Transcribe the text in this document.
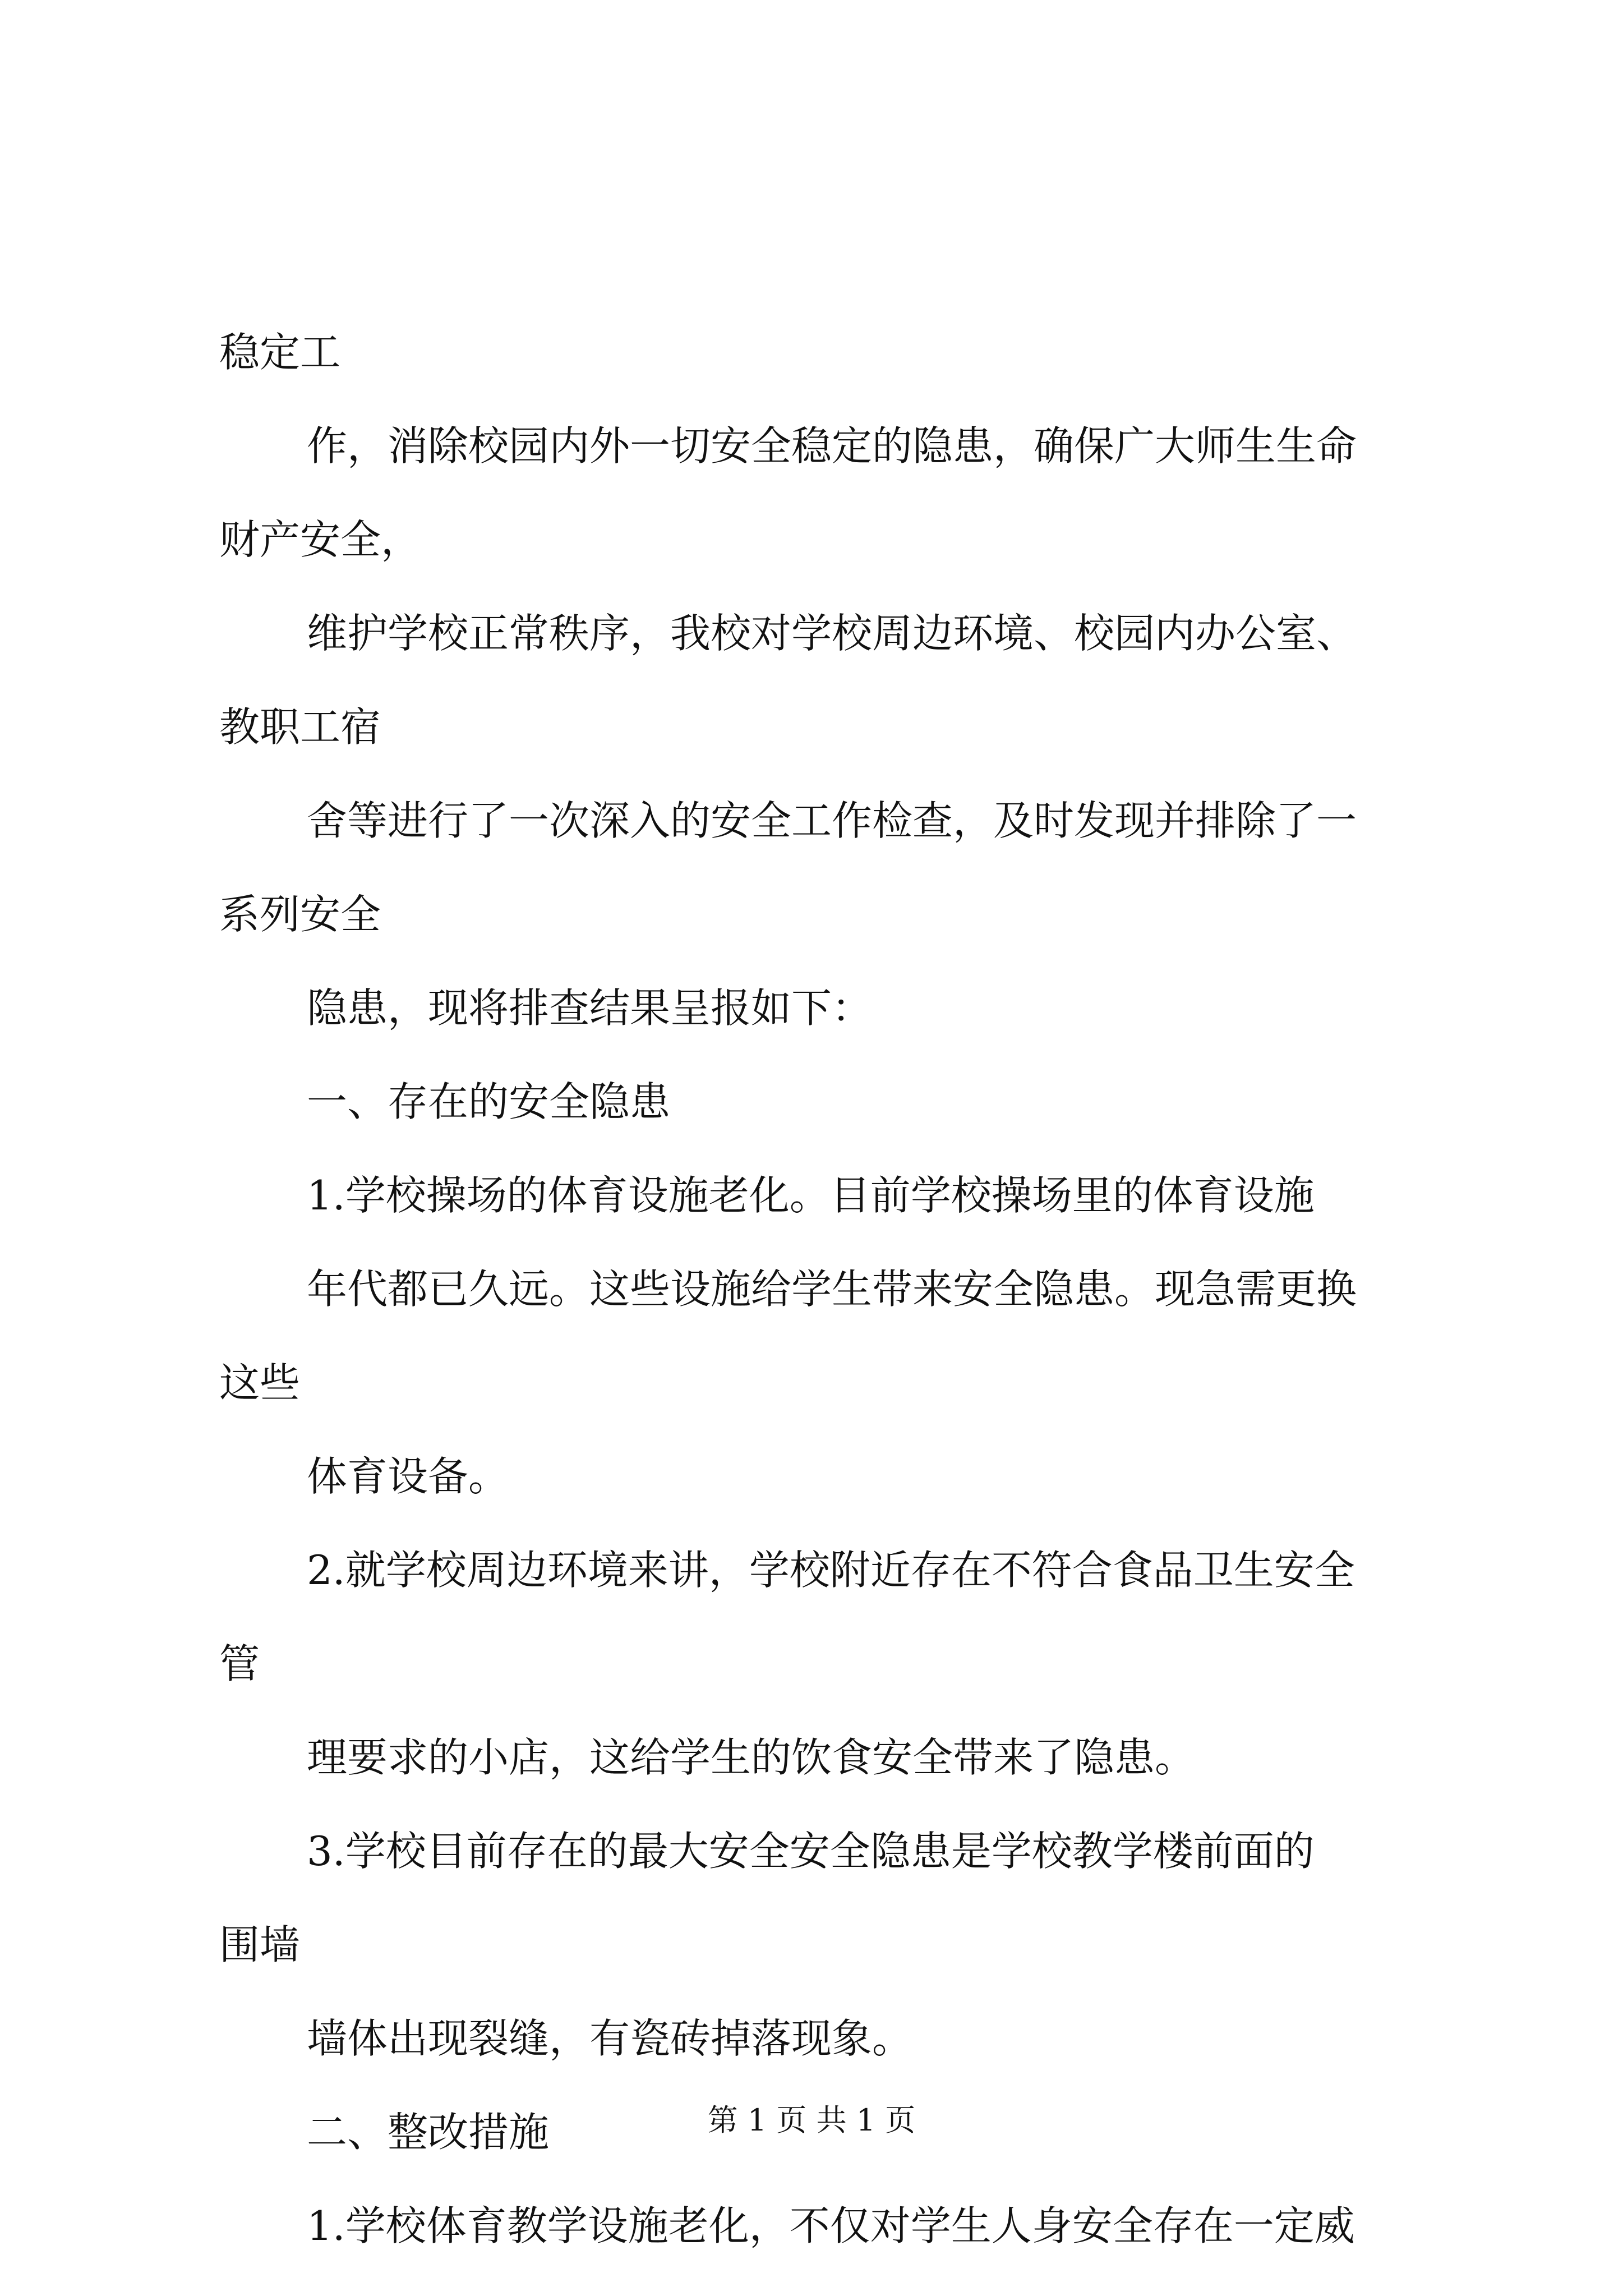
稳定工
作，消除校园内外一切安全稳定的隐患，确保广大师生生命
财产安全，
维护学校正常秩序，我校对学校周边环境、校园内办公室、
教职工宿
舍等进行了一次深入的安全工作检查，及时发现并排除了一
系列安全
隐患，现将排查结果呈报如下：
一、存在的安全隐患
1.学校操场的体育设施老化。目前学校操场里的体育设施
年代都已久远。这些设施给学生带来安全隐患。现急需更换
这些
体育设备。
2.就学校周边环境来讲，学校附近存在不符合食品卫生安全
管
理要求的小店，这给学生的饮食安全带来了隐患。
3.学校目前存在的最大安全安全隐患是学校教学楼前面的
围墙
墙体出现裂缝，有瓷砖掉落现象。
二、整改措施
1.学校体育教学设施老化，不仅对学生人身安全存在一定威
第 1 页 共 1 页
